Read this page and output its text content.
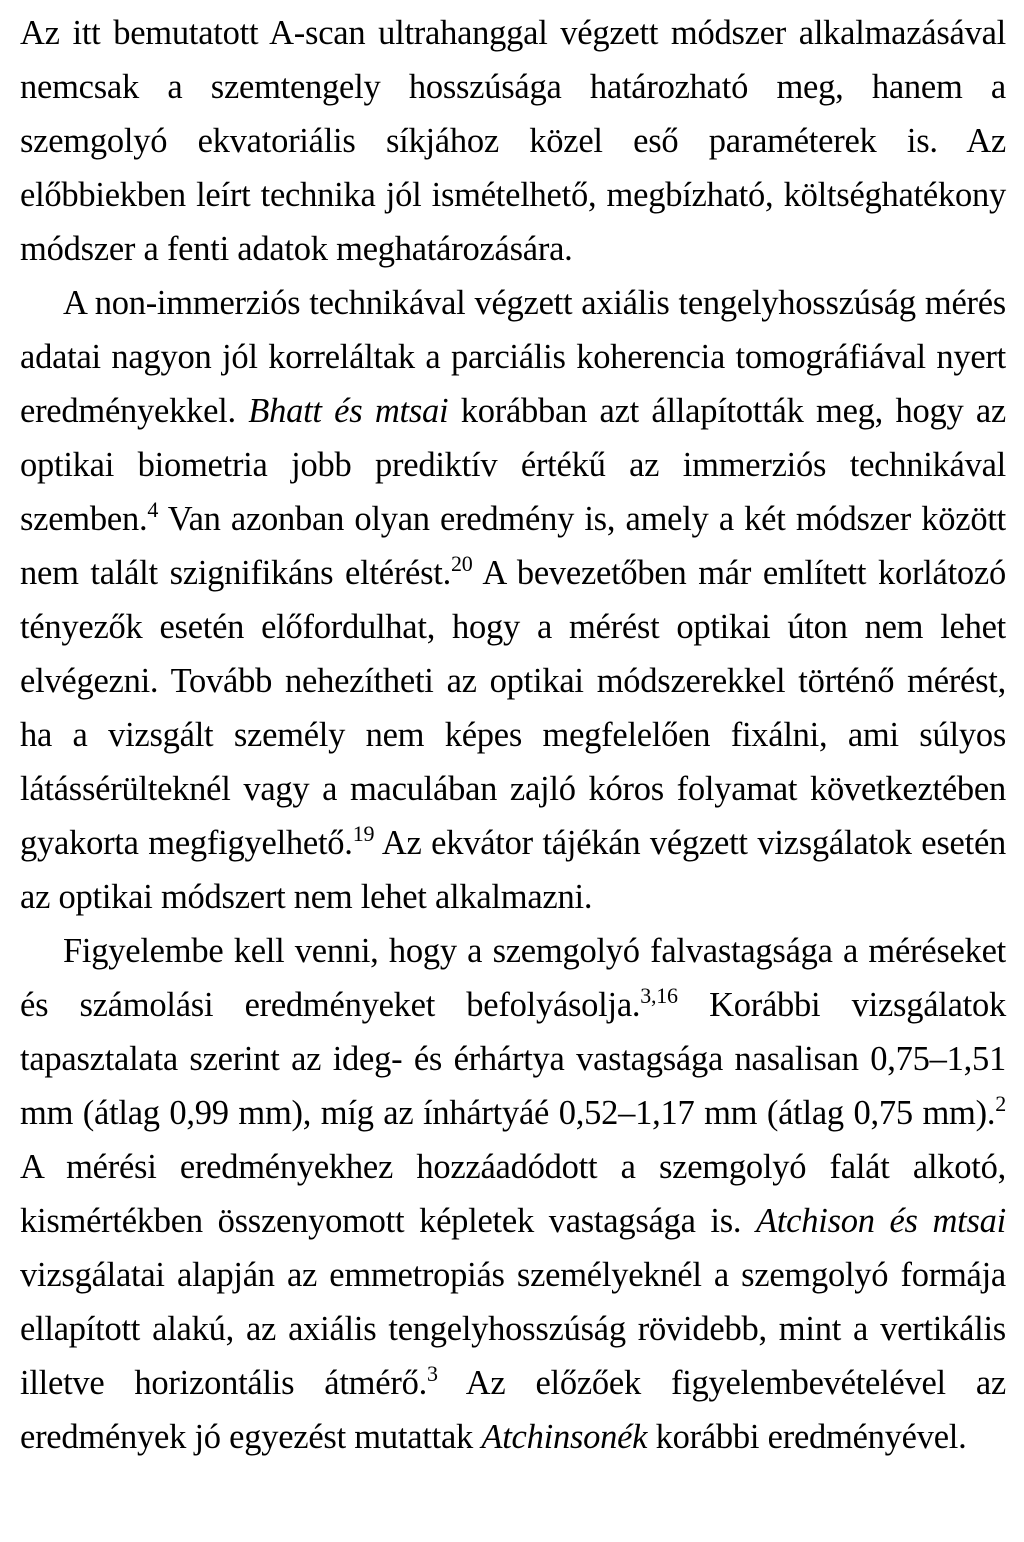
Az itt bemutatott A-scan ultrahanggal végzett módszer alkalmazásával nemcsak a szemtengely hosszúsága határozható meg, hanem a szemgolyó ekvatoriális síkjához közel eső paraméterek is. Az előbbiekben leírt technika jól ismételhető, megbízható, költséghatékony módszer a fenti adatok meghatározására.

A non-immerziós technikával végzett axiális tengelyhosszúság mérés adatai nagyon jól korreláltak a parciális koherencia tomográfiával nyert eredményekkel. Bhatt és mtsai korábban azt állapították meg, hogy az optikai biometria jobb prediktív értékű az immerziós technikával szemben.$^4$ Van azonban olyan eredmény is, amely a két módszer között nem talált szignifikáns eltérést.$^{20}$ A bevezetőben már említett korlátozó tényezők esetén előfordulhat, hogy a mérést optikai úton nem lehet elvégezni. Tovább nehezítheti az optikai módszerekkel történő mérést, ha a vizsgált személy nem képes megfelelően fixálni, ami súlyos látássérülteknél vagy a maculában zajló kóros folyamat következtében gyakorta megfigyelhető.$^{19}$ Az ekvátor tájékán végzett vizsgálatok esetén az optikai módszert nem lehet alkalmazni.

Figyelembe kell venni, hogy a szemgolyó falvastagsága a méréseket és számolási eredményeket befolyásolja.$^{3,16}$ Korábbi vizsgálatok tapasztalata szerint az ideg- és érhártya vastagsága nasalisan 0,75–1,51 mm (átlag 0,99 mm), míg az ínhártyáé 0,52–1,17 mm (átlag 0,75 mm).$^2$ A mérési eredményekhez hozzáadódott a szemgolyó falát alkotó, kismértékben összenyomott képletek vastagsága is. Atchison és mtsai vizsgálatai alapján az emmetropiás személyeknél a szemgolyó formája ellapított alakú, az axiális tengelyhosszúság rövidebb, mint a vertikális illetve horizontális átmérő.$^3$ Az előzőek figyelembevételével az eredmények jó egyezést mutattak Atchinsonék korábbi eredményével.
